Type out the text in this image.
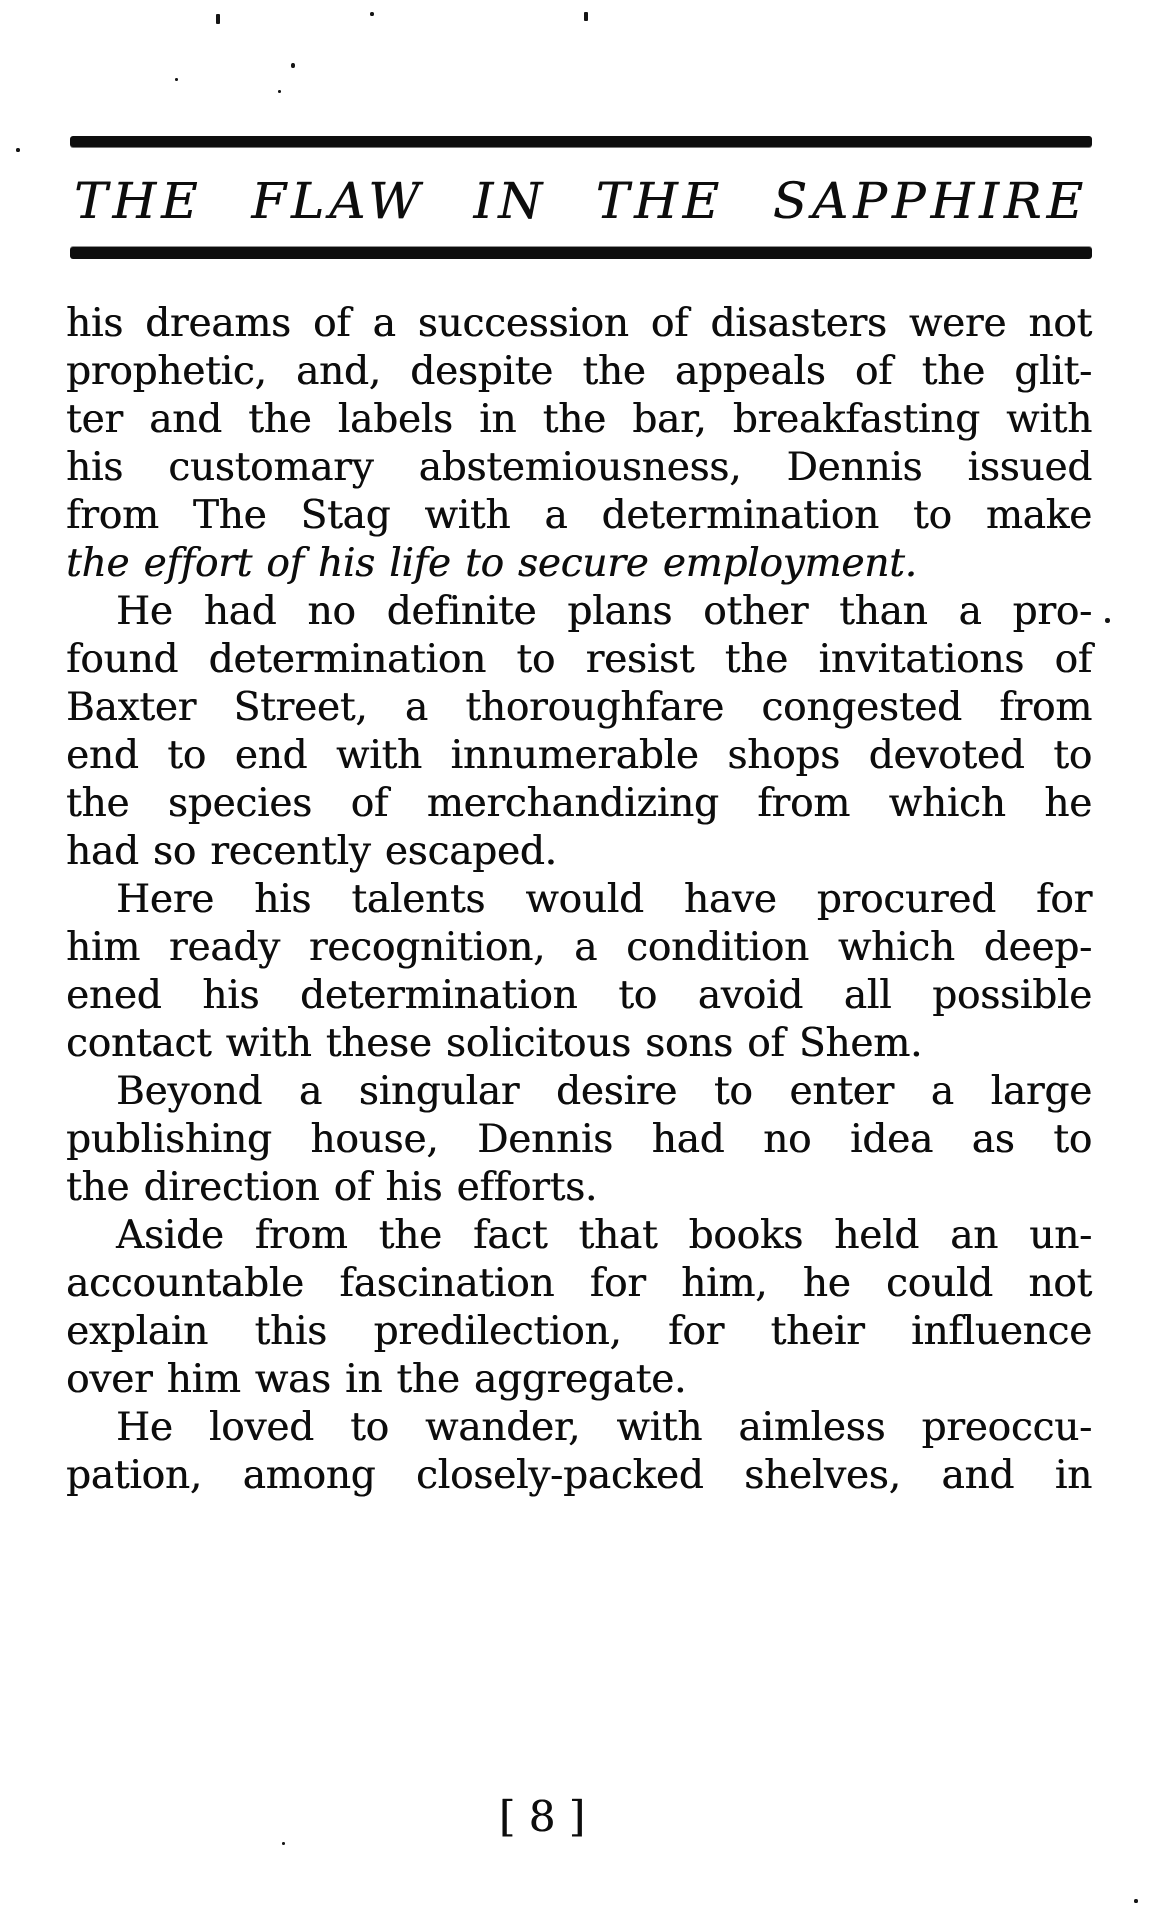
THE FLAW IN THE SAPPHIRE
his dreams of a succession of disasters were not
prophetic, and, despite the appeals of the glit-
ter and the labels in the bar, breakfasting with
his customary abstemiousness, Dennis issued
from The Stag with a determination to make
the effort of his life to secure employment.
He had no definite plans other than a pro-
found determination to resist the invitations of
Baxter Street, a thoroughfare congested from
end to end with innumerable shops devoted to
the species of merchandizing from which he
had so recently escaped.
Here his talents would have procured for
him ready recognition, a condition which deep-
ened his determination to avoid all possible
contact with these solicitous sons of Shem.
Beyond a singular desire to enter a large
publishing house, Dennis had no idea as to
the direction of his efforts.
Aside from the fact that books held an un-
accountable fascination for him, he could not
explain this predilection, for their influence
over him was in the aggregate.
He loved to wander, with aimless preoccu-
pation, among closely-packed shelves, and in
[ 8 ]
